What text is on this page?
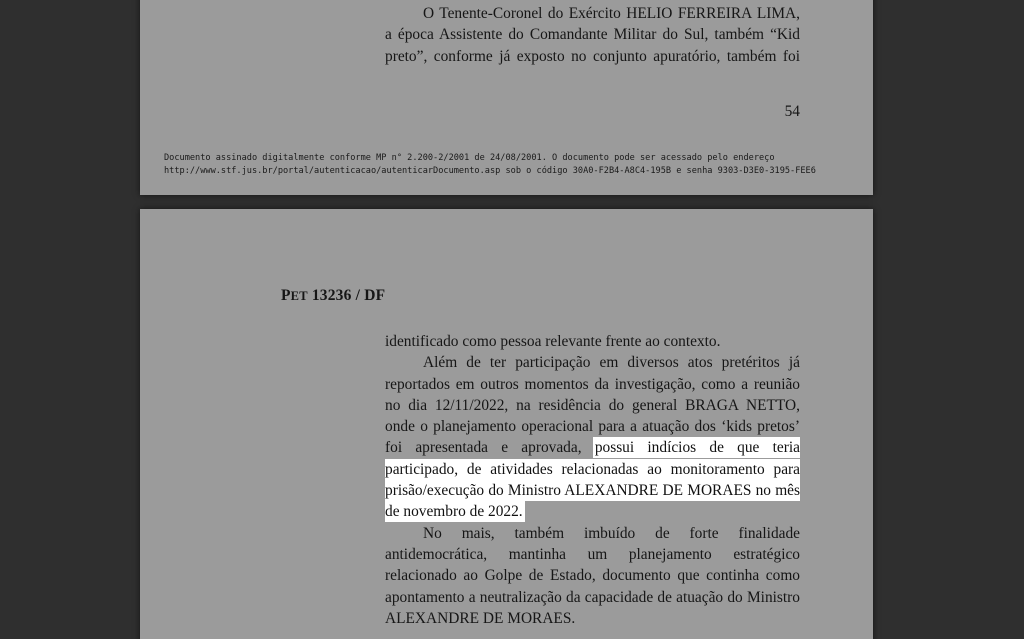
O Tenente-Coronel do Exército HELIO FERREIRA LIMA,
a época Assistente do Comandante Militar do Sul, também “Kid
preto”, conforme já exposto no conjunto apuratório, também foi
54
Documento assinado digitalmente conforme MP n° 2.200-2/2001 de 24/08/2001. O documento pode ser acessado pelo endereço
http://www.stf.jus.br/portal/autenticacao/autenticarDocumento.asp sob o código 30A0-F2B4-A8C4-195B e senha 9303-D3E0-3195-FEE6
PET 13236 / DF

identificado como pessoa relevante frente ao contexto.

Além de ter participação em diversos atos pretéritos já reportados em outros momentos da investigação, como a reunião no dia 12/11/2022, na residência do general BRAGA NETTO, onde o planejamento operacional para a atuação dos ‘kids pretos’ foi apresentada e aprovada, possui indícios de que teria participado, de atividades relacionadas ao monitoramento para prisão/execução do Ministro ALEXANDRE DE MORAES no mês de novembro de 2022.

No mais, também imbuído de forte finalidade antidemocrática, mantinha um planejamento estratégico relacionado ao Golpe de Estado, documento que continha como apontamento a neutralização da capacidade de atuação do Ministro ALEXANDRE DE MORAES.
